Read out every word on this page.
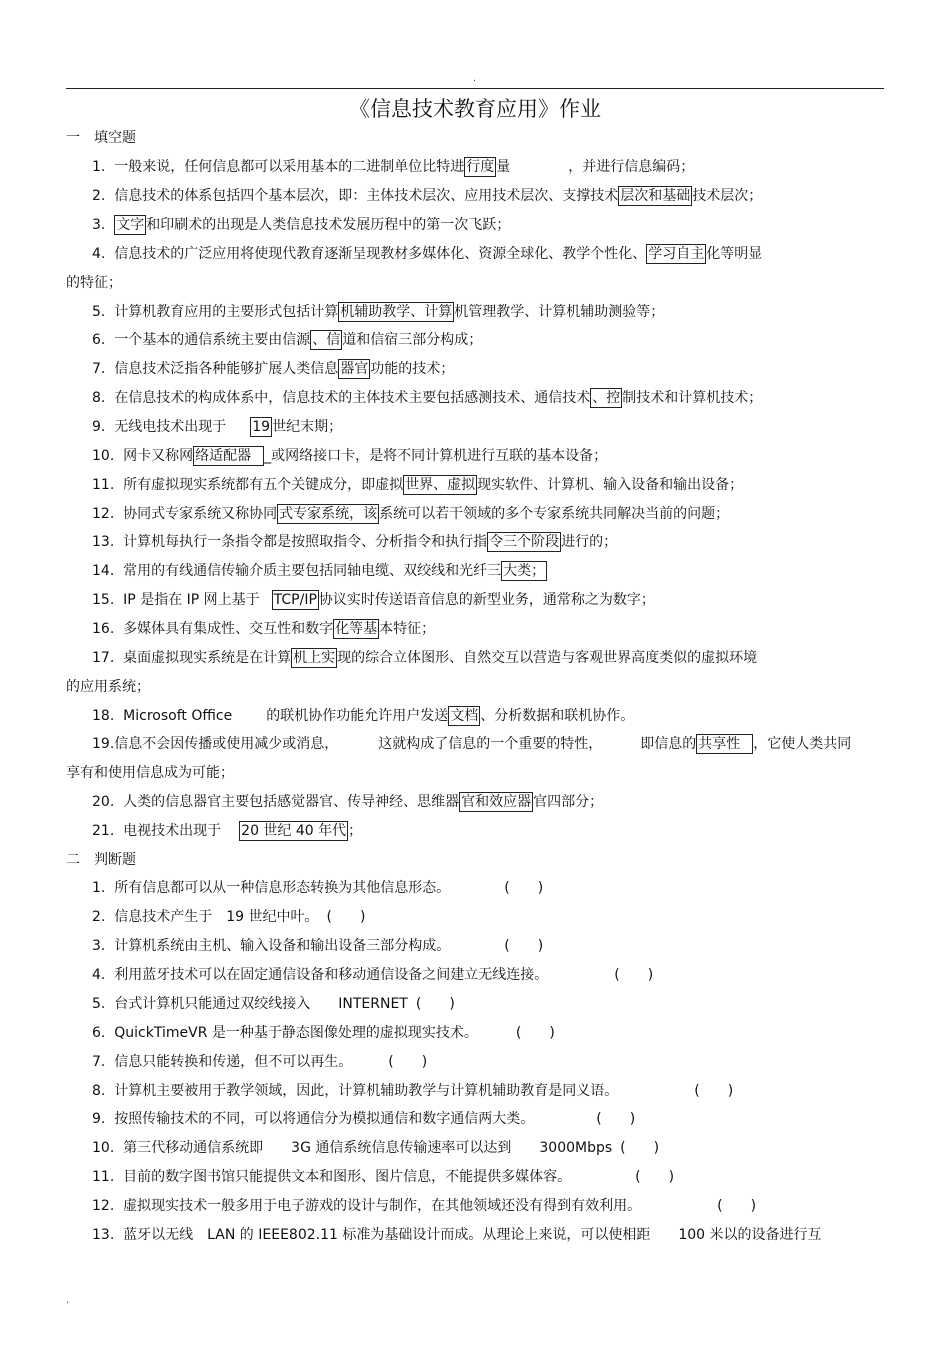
.
《信息技术教育应用》作业
一 填空题
1. 一般来说，任何信息都可以采用基本的二进制单位比特进 行度 量	，并进行信息编码；
2. 信息技术的体系包括四个基本层次，即：主体技术层次、应用技术层次、支撑技术 层次和基础 技术层次；
3. 文字 和印刷术的出现是人类信息技术发展历程中的第一次飞跃；
4. 信息技术的广泛应用将使现代教育逐渐呈现教材多媒体化、资源全球化、教学个性化、 学习自主 化等明显
的特征；
5. 计算机教育应用的主要形式包括计算 机辅助教学、计算 机管理教学、计算机辅助测验等；
6. 一个基本的通信系统主要由信源 、信 道和信宿三部分构成；
7. 信息技术泛指各种能够扩展人类信息 器官 功能的技术；
8. 在信息技术的构成体系中，信息技术的主体技术主要包括感测技术、通信技术 、控 制技术和计算机技术；
9. 无线电技术出现于 19 世纪末期；
10. 网卡又称网 络适配器 _或网络接口卡，是将不同计算机进行互联的基本设备；
11. 所有虚拟现实系统都有五个关键成分，即虚拟 世界、虚拟 现实软件、计算机、输入设备和输出设备；
12. 协同式专家系统又称协同 式专家系统，该 系统可以若干领域的多个专家系统共同解决当前的问题；
13. 计算机每执行一条指令都是按照取指令、分析指令和执行指 令三个阶段 进行的；
14. 常用的有线通信传输介质主要包括同轴电缆、双绞线和光纤三 大类；
15. IP 是指在 IP 网上基于 TCP/IP 协议实时传送语音信息的新型业务，通常称之为数字；
16. 多媒体具有集成性、交互性和数字 化等基 本特征；
17. 桌面虚拟现实系统是在计算 机上实 现的综合立体图形、自然交互以营造与客观世界高度类似的虚拟环境
的应用系统；
18. Microsoft Office 的联机协作功能允许用户发送 文档 、分析数据和联机协作。
19.信息不会因传播或使用减少或消息，	这就构成了信息的一个重要的特性，	即信息的 共享性 ，它使人类共同
享有和使用信息成为可能；
20. 人类的信息器官主要包括感觉器官、传导神经、思维器 官和效应器 官四部分；
21. 电视技术出现于 20 世纪 40 年代 ；
二 判断题
1. 所有信息都可以从一种信息形态转换为其他信息形态。	(　　)
2. 信息技术产生于　19 世纪中叶。 (　　)
3. 计算机系统由主机、输入设备和输出设备三部分构成。	(　　)
4. 利用蓝牙技术可以在固定通信设备和移动通信设备之间建立无线连接。	(　　)
5. 台式计算机只能通过双绞线接入　　INTERNET (　　)
6. QuickTimeVR 是一种基于静态图像处理的虚拟现实技术。	(　　)
7. 信息只能转换和传递，但不可以再生。	(　　)
8. 计算机主要被用于教学领域，因此，计算机辅助教学与计算机辅助教育是同义语。	(　　)
9. 按照传输技术的不同，可以将通信分为模拟通信和数字通信两大类。	(　　)
10. 第三代移动通信系统即　　3G 通信系统信息传输速率可以达到　　3000Mbps (　　)
11. 目前的数字图书馆只能提供文本和图形、图片信息，不能提供多媒体容。	(　　)
12. 虚拟现实技术一般多用于电子游戏的设计与制作，在其他领域还没有得到有效利用。	(　　)
13. 蓝牙以无线　LAN 的 IEEE802.11 标准为基础设计而成。从理论上来说，可以使相距　　100 米以的设备进行互
.
